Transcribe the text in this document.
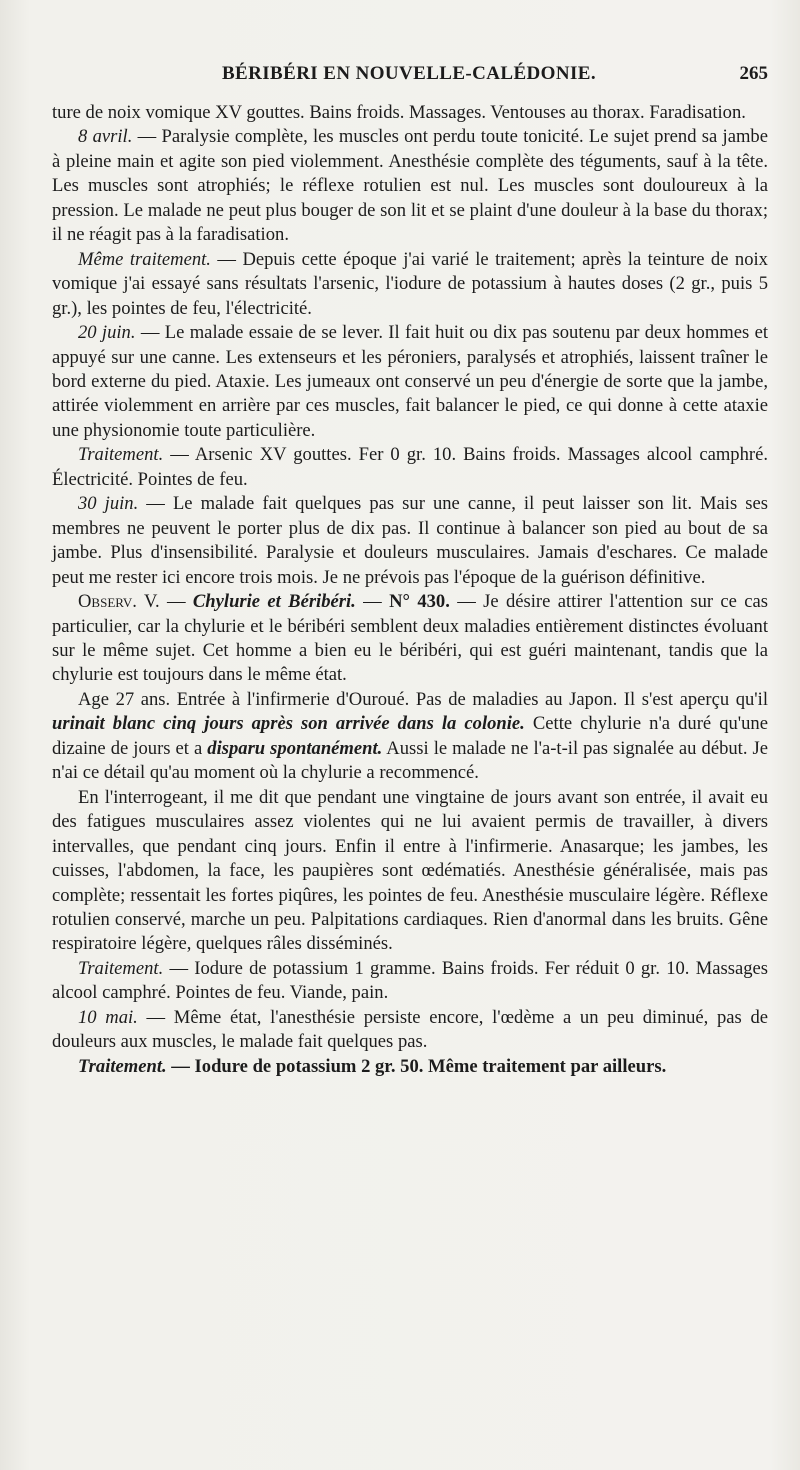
BÉRIBÉRI EN NOUVELLE-CALÉDONIE.	265

ture de noix vomique XV gouttes. Bains froids. Massages. Ventouses au thorax. Faradisation.

8 avril. — Paralysie complète, les muscles ont perdu toute tonicité. Le sujet prend sa jambe à pleine main et agite son pied violemment. Anesthésie complète des téguments, sauf à la tête. Les muscles sont atrophiés; le réflexe rotulien est nul. Les muscles sont douloureux à la pression. Le malade ne peut plus bouger de son lit et se plaint d'une douleur à la base du thorax; il ne réagit pas à la faradisation.

Même traitement. — Depuis cette époque j'ai varié le traitement; après la teinture de noix vomique j'ai essayé sans résultats l'arsenic, l'iodure de potassium à hautes doses (2 gr., puis 5 gr.), les pointes de feu, l'électricité.

20 juin. — Le malade essaie de se lever. Il fait huit ou dix pas soutenu par deux hommes et appuyé sur une canne. Les extenseurs et les péroniers, paralysés et atrophiés, laissent traîner le bord externe du pied. Ataxie. Les jumeaux ont conservé un peu d'énergie de sorte que la jambe, attirée violemment en arrière par ces muscles, fait balancer le pied, ce qui donne à cette ataxie une physionomie toute particulière.

Traitement. — Arsenic XV gouttes. Fer 0 gr. 10. Bains froids. Massages alcool camphré. Électricité. Pointes de feu.

30 juin. — Le malade fait quelques pas sur une canne, il peut laisser son lit. Mais ses membres ne peuvent le porter plus de dix pas. Il continue à balancer son pied au bout de sa jambe. Plus d'insensibilité. Paralysie et douleurs musculaires. Jamais d'eschares. Ce malade peut me rester ici encore trois mois. Je ne prévois pas l'époque de la guérison définitive.

Observ. V. — Chylurie et Béribéri. — N° 430. — Je désire attirer l'attention sur ce cas particulier, car la chylurie et le béribéri semblent deux maladies entièrement distinctes évoluant sur le même sujet. Cet homme a bien eu le béribéri, qui est guéri maintenant, tandis que la chylurie est toujours dans le même état.

Age 27 ans. Entrée à l'infirmerie d'Ouroué. Pas de maladies au Japon. Il s'est aperçu qu'il urinait blanc cinq jours après son arrivée dans la colonie. Cette chylurie n'a duré qu'une dizaine de jours et a disparu spontanément. Aussi le malade ne l'a-t-il pas signalée au début. Je n'ai ce détail qu'au moment où la chylurie a recommencé.

En l'interrogeant, il me dit que pendant une vingtaine de jours avant son entrée, il avait eu des fatigues musculaires assez violentes qui ne lui avaient permis de travailler, à divers intervalles, que pendant cinq jours. Enfin il entre à l'infirmerie. Anasarque; les jambes, les cuisses, l'abdomen, la face, les paupières sont œdématiés. Anesthésie généralisée, mais pas complète; ressentait les fortes piqûres, les pointes de feu. Anesthésie musculaire légère. Réflexe rotulien conservé, marche un peu. Palpitations cardiaques. Rien d'anormal dans les bruits. Gêne respiratoire légère, quelques râles disséminés.

Traitement. — Iodure de potassium 1 gramme. Bains froids. Fer réduit 0 gr. 10. Massages alcool camphré. Pointes de feu. Viande, pain.

10 mai. — Même état, l'anesthésie persiste encore, l'œdème a un peu diminué, pas de douleurs aux muscles, le malade fait quelques pas.

Traitement. — Iodure de potassium 2 gr. 50. Même traitement par ailleurs.
